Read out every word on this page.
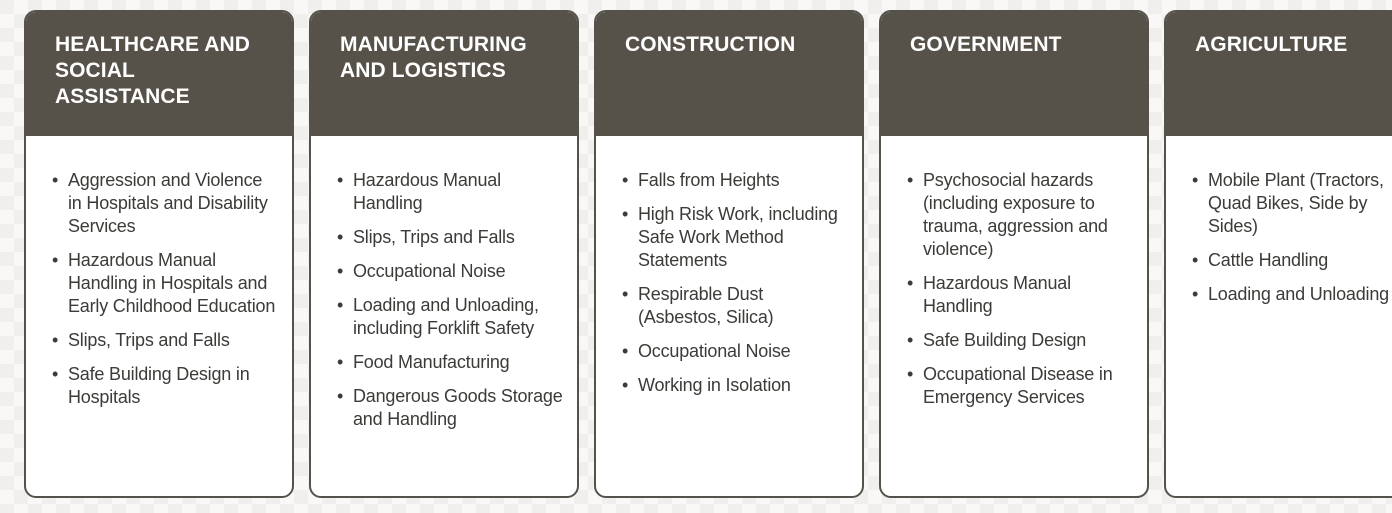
HEALTHCARE AND SOCIAL ASSISTANCE
• Aggression and Violence in Hospitals and Disability Services
• Hazardous Manual Handling in Hospitals and Early Childhood Education
• Slips, Trips and Falls
• Safe Building Design in Hospitals
MANUFACTURING AND LOGISTICS
• Hazardous Manual Handling
• Slips, Trips and Falls
• Occupational Noise
• Loading and Unloading, including Forklift Safety
• Food Manufacturing
• Dangerous Goods Storage and Handling
CONSTRUCTION
• Falls from Heights
• High Risk Work, including Safe Work Method Statements
• Respirable Dust (Asbestos, Silica)
• Occupational Noise
• Working in Isolation
GOVERNMENT
• Psychosocial hazards (including exposure to trauma, aggression and violence)
• Hazardous Manual Handling
• Safe Building Design
• Occupational Disease in Emergency Services
AGRICULTURE
• Mobile Plant (Tractors, Quad Bikes, Side by Sides)
• Cattle Handling
• Loading and Unloading
